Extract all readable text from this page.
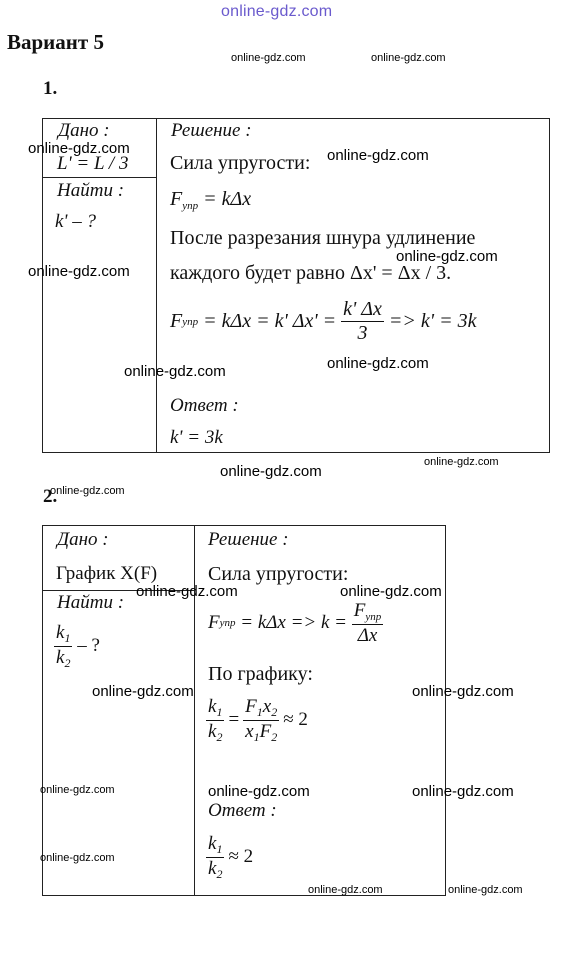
online-gdz.com
Вариант 5
online-gdz.com	online-gdz.com
1.
Дано :
L' = L / 3
Найти :
k' – ?
Решение :
Сила упругости:
$F_{упр} = k\Delta x$
После разрезания шнура удлинение
каждого будет равно Δx' = Δx / 3.
F упр = kΔx = k' $\Delta x' = \frac{k' \Delta x}{3} => k' = 3k$
Ответ :
k' = 3k
online-gdz.com	online-gdz.com
online-gdz.com
online-gdz.com
online-gdz.com
online-gdz.com
online-gdz.com
online-gdz.com
2.
online-gdz.com
Дано :
График X(F)
Найти :
$\frac{k_1}{k_2}$ – ?
Решение :
Сила упругости:
F упр = $k\Delta x => k = \frac{F_{упр}}{\Delta x}$
По графику:
$\frac{k_1}{k_2} = \frac{F_1x_2}{x_1F_2} \approx 2$
Ответ :
$\frac{k_1}{k_2} \approx 2$
online-gdz.com	online-gdz.com
online-gdz.com	online-gdz.com
online-gdz.com	online-gdz.com	online-gdz.com
online-gdz.com
online-gdz.com	online-gdz.com
